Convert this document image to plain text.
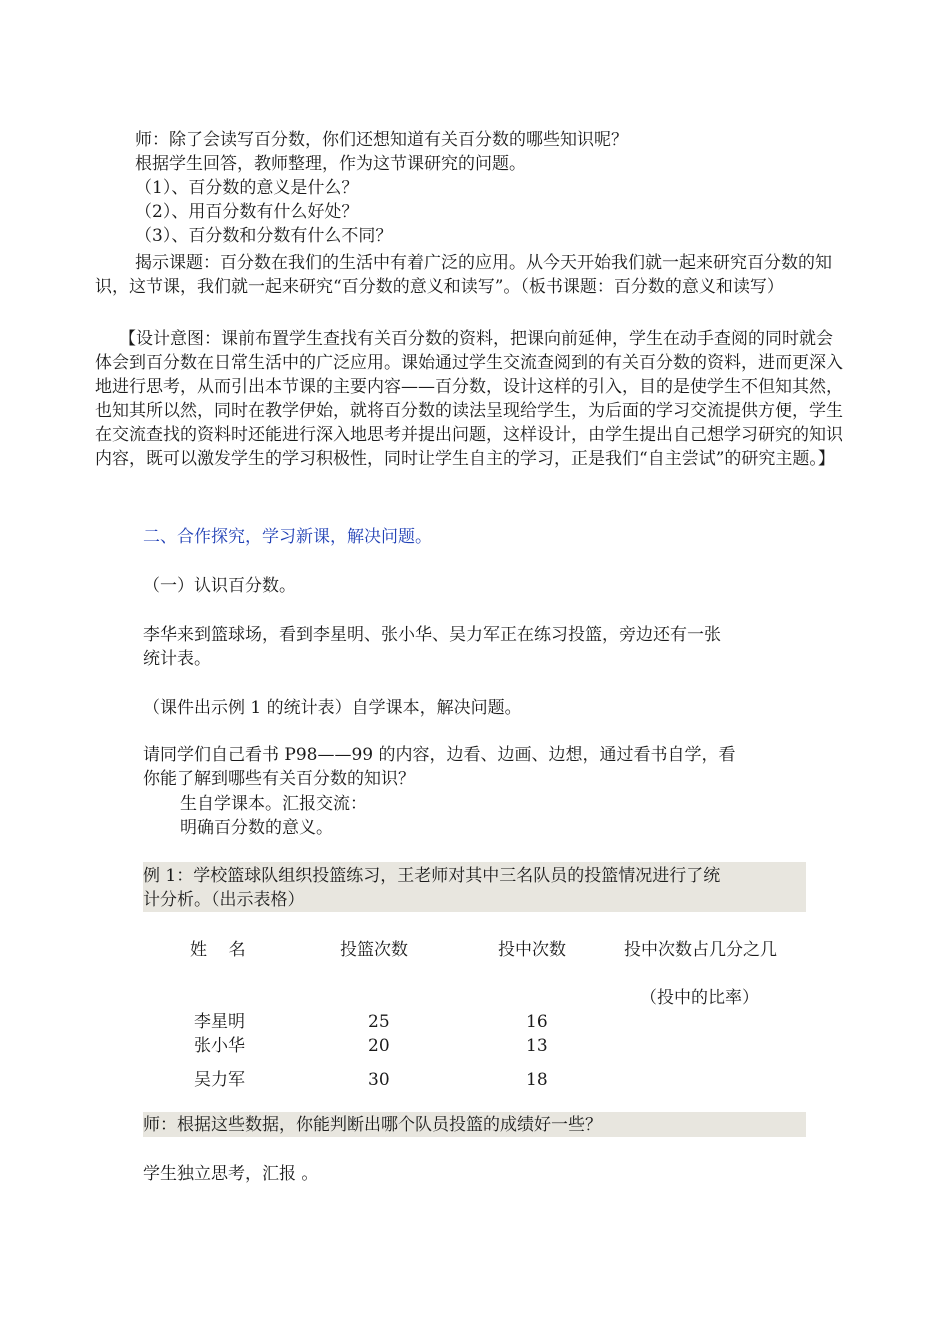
师：除了会读写百分数，你们还想知道有关百分数的哪些知识呢？
根据学生回答，教师整理，作为这节课研究的问题。
（1）、百分数的意义是什么？
（2）、用百分数有什么好处？
（3）、百分数和分数有什么不同？
揭示课题：百分数在我们的生活中有着广泛的应用。从今天开始我们就一起来研究百分数的知识，这节课，我们就一起来研究“百分数的意义和读写”。（板书课题：百分数的意义和读写）
【设计意图：课前布置学生查找有关百分数的资料，把课向前延伸，学生在动手查阅的同时就会体会到百分数在日常生活中的广泛应用。课始通过学生交流查阅到的有关百分数的资料，进而更深入地进行思考，从而引出本节课的主要内容——百分数，设计这样的引入，目的是使学生不但知其然，也知其所以然，同时在教学伊始，就将百分数的读法呈现给学生，为后面的学习交流提供方便，学生在交流查找的资料时还能进行深入地思考并提出问题，这样设计，由学生提出自己想学习研究的知识内容，既可以激发学生的学习积极性，同时让学生自主的学习，正是我们“自主尝试”的研究主题。】
二、合作探究，学习新课，解决问题。
（一）认识百分数。
李华来到篮球场，看到李星明、张小华、吴力军正在练习投篮，旁边还有一张
统计表。
（课件出示例 1 的统计表）自学课本，解决问题。
请同学们自己看书 P98——99 的内容，边看、边画、边想，通过看书自学，看
你能了解到哪些有关百分数的知识？
生自学课本。汇报交流：
明确百分数的意义。
例 1：学校篮球队组织投篮练习，王老师对其中三名队员的投篮情况进行了统
计分析。（出示表格）
姓    名	投篮次数	投中次数	投中次数占几分之几
（投中的比率）
李星明	25	16
张小华	20	13
吴力军	30	18
师：根据这些数据，你能判断出哪个队员投篮的成绩好一些？
学生独立思考，汇报 。
